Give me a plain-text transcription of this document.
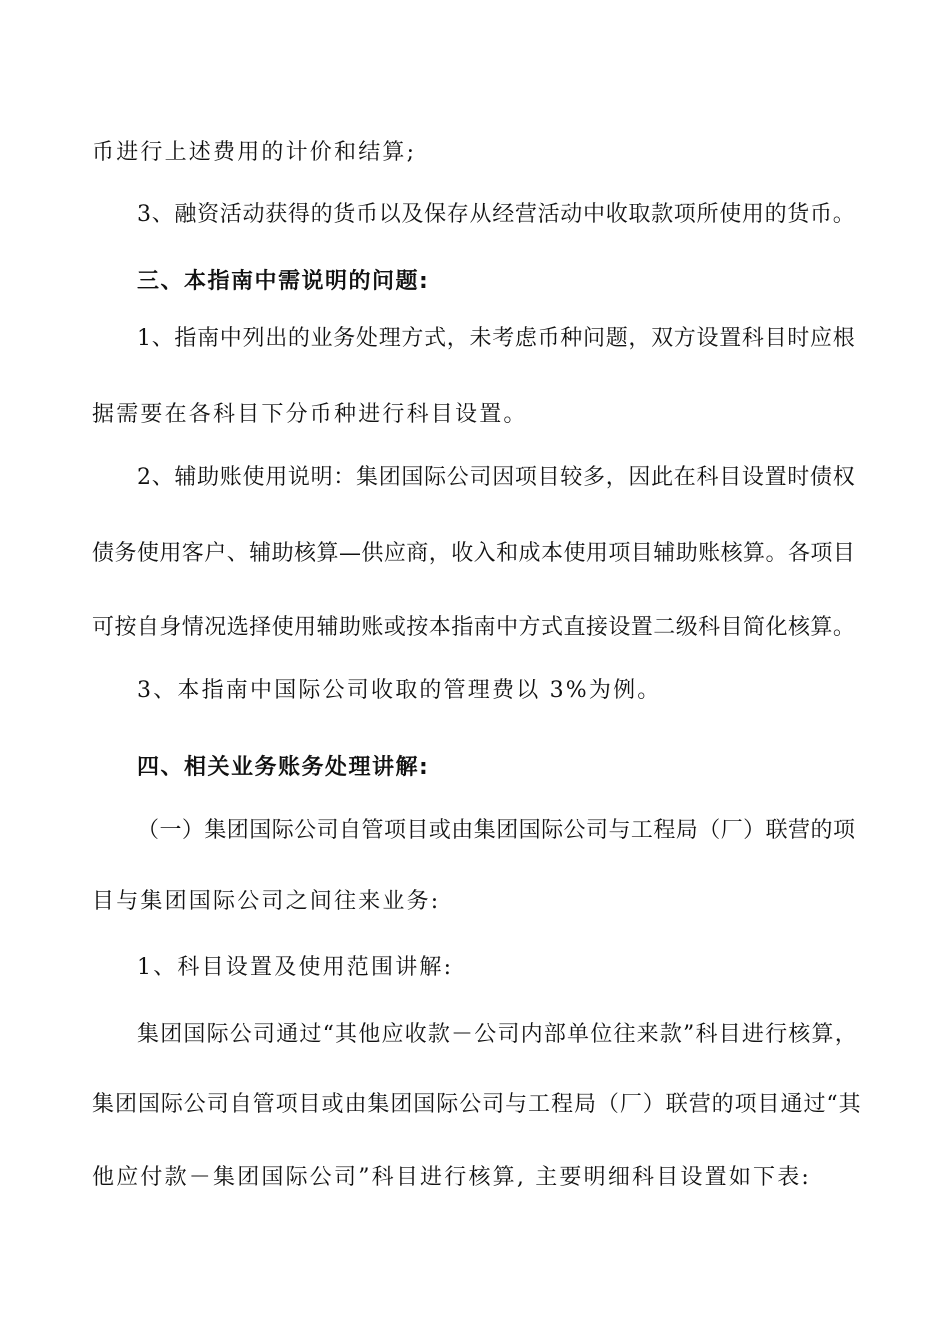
币进行上述费用的计价和结算;
3、融资活动获得的货币以及保存从经营活动中收取款项所使用的货币。
三、本指南中需说明的问题:
1、指南中列出的业务处理方式，未考虑币种问题，双方设置科目时应根
据需要在各科目下分币种进行科目设置。
2、辅助账使用说明：集团国际公司因项目较多，因此在科目设置时债权
债务使用客户、辅助核算—供应商，收入和成本使用项目辅助账核算。各项目
可按自身情况选择使用辅助账或按本指南中方式直接设置二级科目简化核算。
3、本指南中国际公司收取的管理费以 3%为例。
四、相关业务账务处理讲解:
（一）集团国际公司自管项目或由集团国际公司与工程局（厂）联营的项
目与集团国际公司之间往来业务:
1、科目设置及使用范围讲解:
集团国际公司通过“其他应收款－公司内部单位往来款”科目进行核算，
集团国际公司自管项目或由集团国际公司与工程局（厂）联营的项目通过“其
他应付款－集团国际公司”科目进行核算, 主要明细科目设置如下表:
